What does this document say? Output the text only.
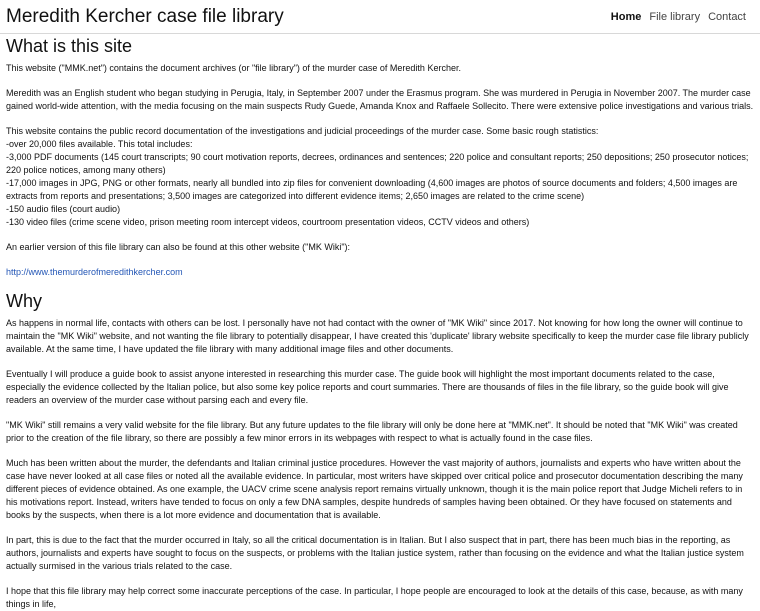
Meredith Kercher case file library	Home File library Contact
What is this site

This website ("MMK.net") contains the document archives (or "file library") of the murder case of Meredith Kercher.

Meredith was an English student who began studying in Perugia, Italy, in September 2007 under the Erasmus program. She was murdered in Perugia in November 2007. The murder case gained world-wide attention, with the media focusing on the main suspects Rudy Guede, Amanda Knox and Raffaele Sollecito. There were extensive police investigations and various trials.

This website contains the public record documentation of the investigations and judicial proceedings of the murder case. Some basic rough statistics:
-over 20,000 files available. This total includes:
-3,000 PDF documents (145 court transcripts; 90 court motivation reports, decrees, ordinances and sentences; 220 police and consultant reports; 250 depositions; 250 prosecutor notices; 220 police notices, among many others)
-17,000 images in JPG, PNG or other formats, nearly all bundled into zip files for convenient downloading (4,600 images are photos of source documents and folders; 4,500 images are extracts from reports and presentations; 3,500 images are categorized into different evidence items; 2,650 images are related to the crime scene)
-150 audio files (court audio)
-130 video files (crime scene video, prison meeting room intercept videos, courtroom presentation videos, CCTV videos and others)

An earlier version of this file library can also be found at this other website ("MK Wiki"):

http://www.themurderofmeredithkercher.com

Why

As happens in normal life, contacts with others can be lost. I personally have not had contact with the owner of "MK Wiki" since 2017. Not knowing for how long the owner will continue to maintain the "MK Wiki" website, and not wanting the file library to potentially disappear, I have created this 'duplicate' library website specifically to keep the murder case file library publicly available. At the same time, I have updated the file library with many additional image files and other documents.

Eventually I will produce a guide book to assist anyone interested in researching this murder case. The guide book will highlight the most important documents related to the case, especially the evidence collected by the Italian police, but also some key police reports and court summaries. There are thousands of files in the file library, so the guide book will give readers an overview of the murder case without parsing each and every file.

"MK Wiki" still remains a very valid website for the file library. But any future updates to the file library will only be done here at "MMK.net". It should be noted that "MK Wiki" was created prior to the creation of the file library, so there are possibly a few minor errors in its webpages with respect to what is actually found in the case files.

Much has been written about the murder, the defendants and Italian criminal justice procedures. However the vast majority of authors, journalists and experts who have written about the case have never looked at all case files or noted all the available evidence. In particular, most writers have skipped over critical police and prosecutor documentation describing the many different pieces of evidence obtained. As one example, the UACV crime scene analysis report remains virtually unknown, though it is the main police report that Judge Micheli refers to in his motivations report. Instead, writers have tended to focus on only a few DNA samples, despite hundreds of samples having been obtained. Or they have focused on statements and books by the suspects, when there is a lot more evidence and documentation that is available.

In part, this is due to the fact that the murder occurred in Italy, so all the critical documentation is in Italian. But I also suspect that in part, there has been much bias in the reporting, as authors, journalists and experts have sought to focus on the suspects, or problems with the Italian justice system, rather than focusing on the evidence and what the Italian justice system actually surmised in the various trials related to the case.

I hope that this file library may help correct some inaccurate perceptions of the case. In particular, I hope people are encouraged to look at the details of this case, because, as with many things in life,
